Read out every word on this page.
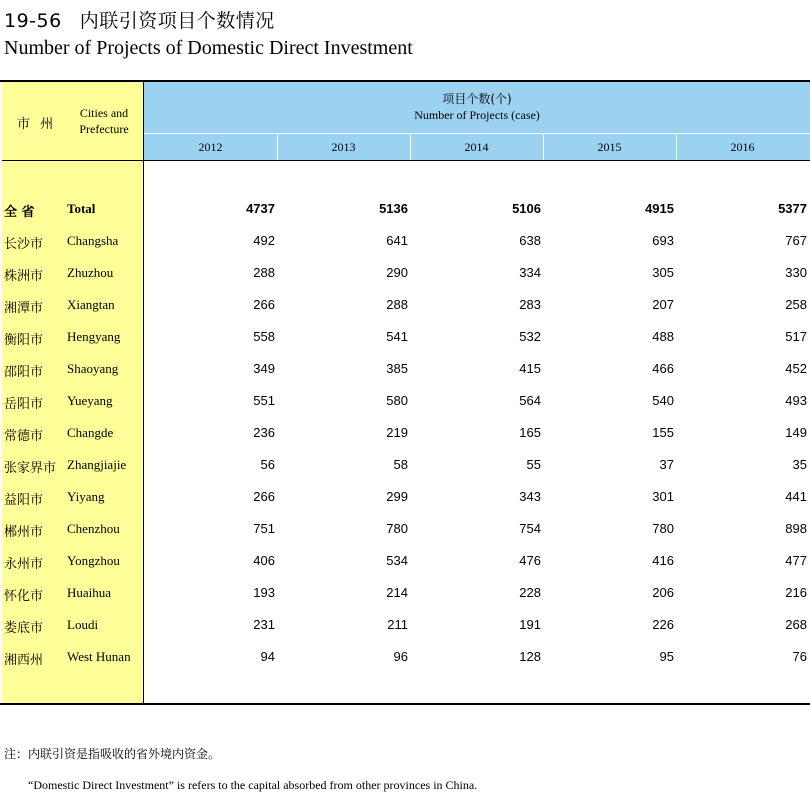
19-56 内联引资项目个数情况
Number of Projects of Domestic Direct Investment
市 州
Cities and
Prefecture
项目个数(个)
Number of Projects (case)
2012	2013	2014	2015	2016
全 省 Total	4737	5136	5106	4915	5377
长沙市 Changsha	492	641	638	693	767
株洲市 Zhuzhou	288	290	334	305	330
湘潭市 Xiangtan	266	288	283	207	258
衡阳市 Hengyang	558	541	532	488	517
邵阳市 Shaoyang	349	385	415	466	452
岳阳市 Yueyang	551	580	564	540	493
常德市 Changde	236	219	165	155	149
张家界市 Zhangjiajie	56	58	55	37	35
益阳市 Yiyang	266	299	343	301	441
郴州市 Chenzhou	751	780	754	780	898
永州市 Yongzhou	406	534	476	416	477
怀化市 Huaihua	193	214	228	206	216
娄底市 Loudi	231	211	191	226	268
湘西州 West Hunan	94	96	128	95	76
注：内联引资是指吸收的省外境内资金。
“Domestic Direct Investment” is refers to the capital absorbed from other provinces in China.
